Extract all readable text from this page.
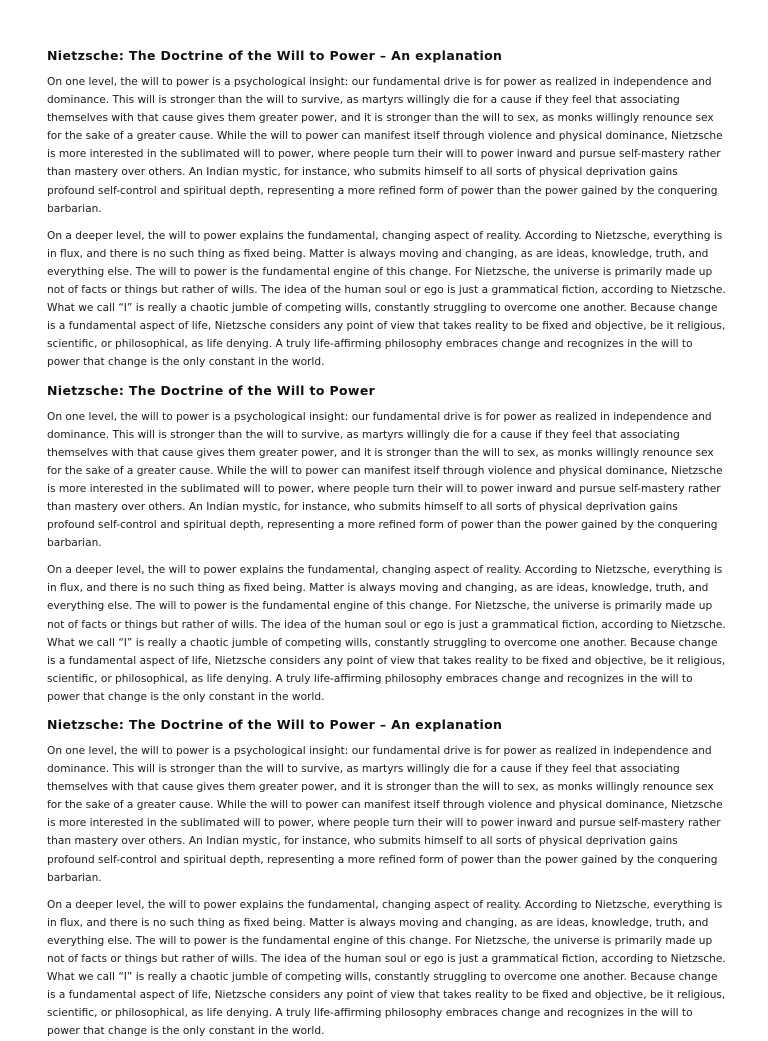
Nietzsche: The Doctrine of the Will to Power – An explanation

On one level, the will to power is a psychological insight: our fundamental drive is for power as realized in independence and dominance. This will is stronger than the will to survive, as martyrs willingly die for a cause if they feel that associating themselves with that cause gives them greater power, and it is stronger than the will to sex, as monks willingly renounce sex for the sake of a greater cause. While the will to power can manifest itself through violence and physical dominance, Nietzsche is more interested in the sublimated will to power, where people turn their will to power inward and pursue self-mastery rather than mastery over others. An Indian mystic, for instance, who submits himself to all sorts of physical deprivation gains profound self-control and spiritual depth, representing a more refined form of power than the power gained by the conquering barbarian.

On a deeper level, the will to power explains the fundamental, changing aspect of reality. According to Nietzsche, everything is in flux, and there is no such thing as fixed being. Matter is always moving and changing, as are ideas, knowledge, truth, and everything else. The will to power is the fundamental engine of this change. For Nietzsche, the universe is primarily made up not of facts or things but rather of wills. The idea of the human soul or ego is just a grammatical fiction, according to Nietzsche. What we call “I” is really a chaotic jumble of competing wills, constantly struggling to overcome one another. Because change is a fundamental aspect of life, Nietzsche considers any point of view that takes reality to be fixed and objective, be it religious, scientific, or philosophical, as life denying. A truly life-affirming philosophy embraces change and recognizes in the will to power that change is the only constant in the world.

Nietzsche: The Doctrine of the Will to Power

On one level, the will to power is a psychological insight: our fundamental drive is for power as realized in independence and dominance. This will is stronger than the will to survive, as martyrs willingly die for a cause if they feel that associating themselves with that cause gives them greater power, and it is stronger than the will to sex, as monks willingly renounce sex for the sake of a greater cause. While the will to power can manifest itself through violence and physical dominance, Nietzsche is more interested in the sublimated will to power, where people turn their will to power inward and pursue self-mastery rather than mastery over others. An Indian mystic, for instance, who submits himself to all sorts of physical deprivation gains profound self-control and spiritual depth, representing a more refined form of power than the power gained by the conquering barbarian.

On a deeper level, the will to power explains the fundamental, changing aspect of reality. According to Nietzsche, everything is in flux, and there is no such thing as fixed being. Matter is always moving and changing, as are ideas, knowledge, truth, and everything else. The will to power is the fundamental engine of this change. For Nietzsche, the universe is primarily made up not of facts or things but rather of wills. The idea of the human soul or ego is just a grammatical fiction, according to Nietzsche. What we call “I” is really a chaotic jumble of competing wills, constantly struggling to overcome one another. Because change is a fundamental aspect of life, Nietzsche considers any point of view that takes reality to be fixed and objective, be it religious, scientific, or philosophical, as life denying. A truly life-affirming philosophy embraces change and recognizes in the will to power that change is the only constant in the world.

Nietzsche: The Doctrine of the Will to Power – An explanation

On one level, the will to power is a psychological insight: our fundamental drive is for power as realized in independence and dominance. This will is stronger than the will to survive, as martyrs willingly die for a cause if they feel that associating themselves with that cause gives them greater power, and it is stronger than the will to sex, as monks willingly renounce sex for the sake of a greater cause. While the will to power can manifest itself through violence and physical dominance, Nietzsche is more interested in the sublimated will to power, where people turn their will to power inward and pursue self-mastery rather than mastery over others. An Indian mystic, for instance, who submits himself to all sorts of physical deprivation gains profound self-control and spiritual depth, representing a more refined form of power than the power gained by the conquering barbarian.

On a deeper level, the will to power explains the fundamental, changing aspect of reality. According to Nietzsche, everything is in flux, and there is no such thing as fixed being. Matter is always moving and changing, as are ideas, knowledge, truth, and everything else. The will to power is the fundamental engine of this change. For Nietzsche, the universe is primarily made up not of facts or things but rather of wills. The idea of the human soul or ego is just a grammatical fiction, according to Nietzsche. What we call “I” is really a chaotic jumble of competing wills, constantly struggling to overcome one another. Because change is a fundamental aspect of life, Nietzsche considers any point of view that takes reality to be fixed and objective, be it religious, scientific, or philosophical, as life denying. A truly life-affirming philosophy embraces change and recognizes in the will to power that change is the only constant in the world.
